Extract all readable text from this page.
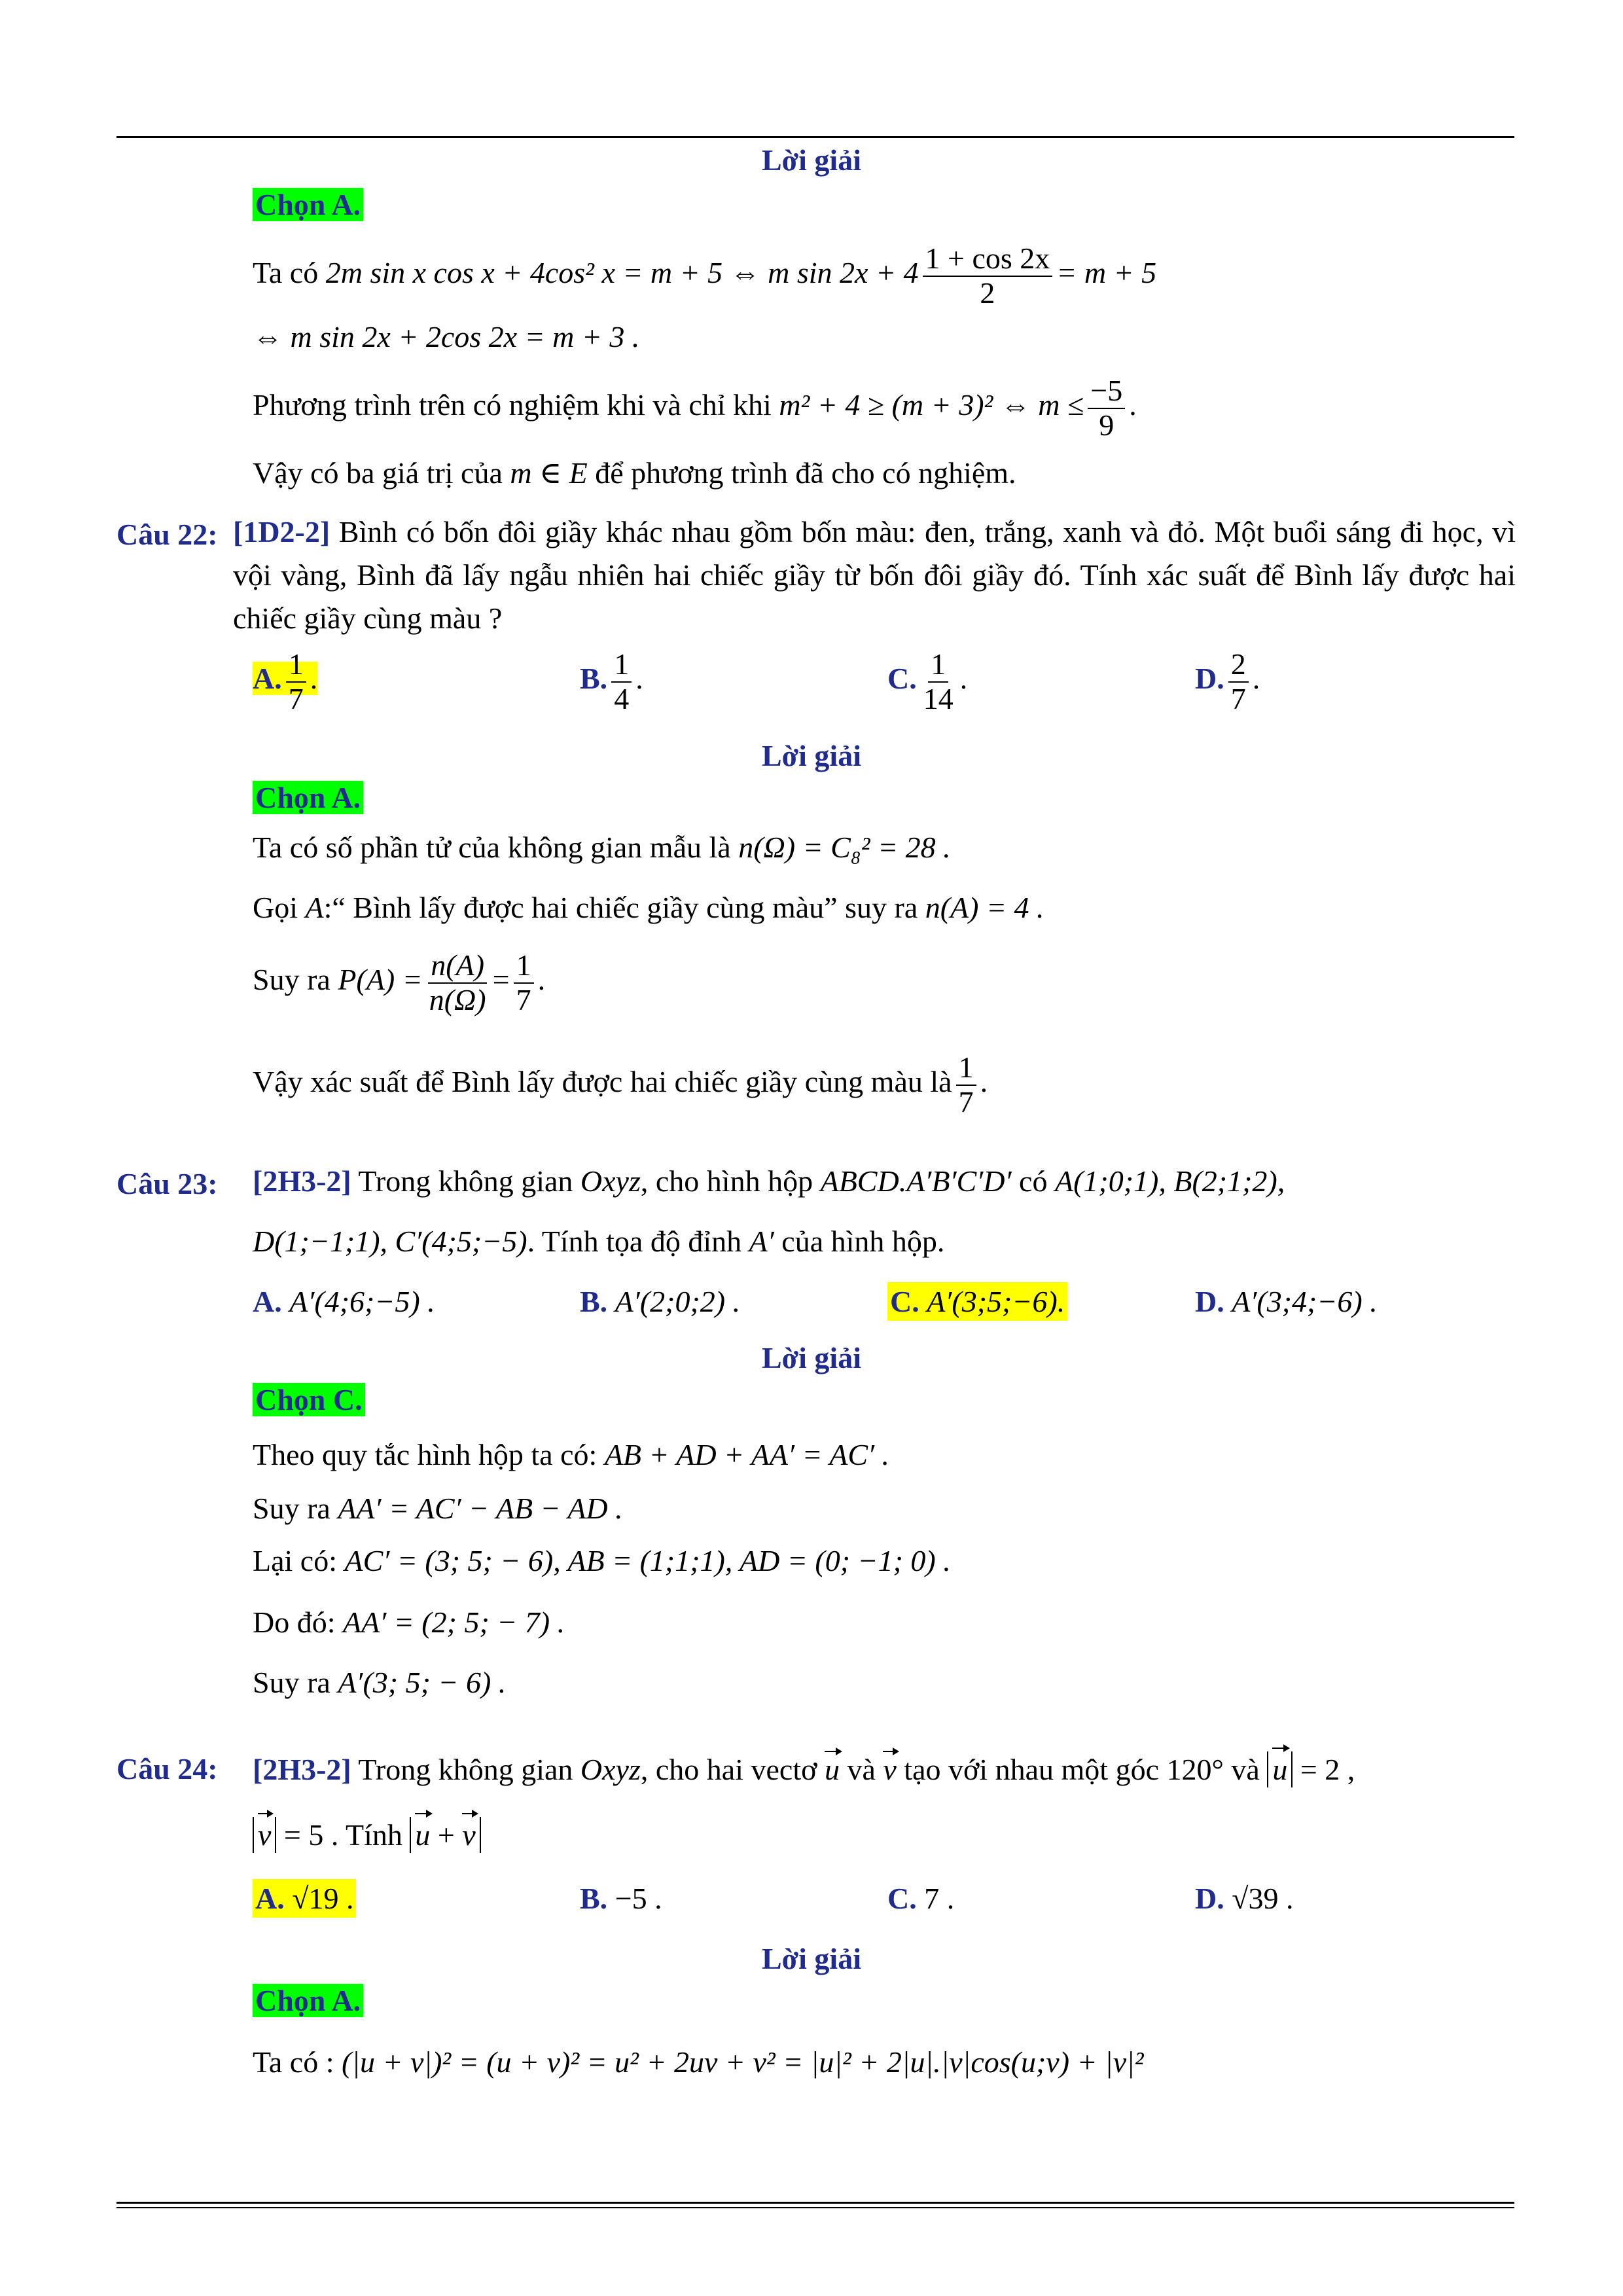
Lời giải
Chọn A.
Ta có 2m sin x cos x + 4cos² x = m + 5 ⇔ m $\sin 2x + 4 \frac{1 + \cos 2x}{2} = m + 5$
⇔ m sin 2x + 2cos 2x = m + 3 .
Phương trình trên có nghiệm khi và chỉ khi m² + 4 ≥ (m + 3)² ⇔ $m \le \frac{-5}{9}$ .
Vậy có ba giá trị của m ∈ E để phương trình đã cho có nghiệm.
Câu 22: [1D2-2] Bình có bốn đôi giầy khác nhau gồm bốn màu: đen, trắng, xanh và đỏ. Một buổi sáng đi học, vì vội vàng, Bình đã lấy ngẫu nhiên hai chiếc giầy từ bốn đôi giầy đó. Tính xác suất để Bình lấy được hai chiếc giầy cùng màu ?
A. $\frac{1}{7}$ .	B. $\frac{1}{4}$ .	C. $\frac{1}{14}$ .	D. $\frac{2}{7}$ .
Lời giải
Chọn A.
Ta có số phần tử của không gian mẫu là n(Ω) = C₈² = 28 .
Gọi A:“ Bình lấy được hai chiếc giầy cùng màu” suy ra n(A) = 4 .
Suy ra $P(A) = \frac{n(A)}{n(\Omega)} = \frac{1}{7}$ .
Vậy xác suất để Bình lấy được hai chiếc giầy cùng màu là $\frac{1}{7}$ .
Câu 23: [2H3-2] Trong không gian Oxyz, cho hình hộp ABCD.A′B′C′D′ có A(1;0;1), B(2;1;2),
D(1;−1;1), C′(4;5;−5). Tính tọa độ đỉnh A′ của hình hộp.
A. A′(4;6;−5) .	B. A′(2;0;2) .	C. A′(3;5;−6).	D. A′(3;4;−6) .
Lời giải
Chọn C.
Theo quy tắc hình hộp ta có: AB + AD + AA′ = AC′ .
Suy ra AA′ = AC′ − AB − AD .
Lại có: AC′ = (3; 5; − 6), AB = (1;1;1), AD = (0; −1; 0) .
Do đó: AA′ = (2; 5; − 7) .
Suy ra A′(3; 5; − 6) .
Câu 24: [2H3-2] Trong không gian Oxyz, cho hai vectơ u và v tạo với nhau một góc 120° và u = 2 ,
v = 5 . Tính u + v
A. √19 .	B. −5 .	C. 7 .	D. √39 .
Lời giải
Chọn A.
Ta có : (|u + v|)² = (u + v)² = u² + 2uv + v² = |u|² + 2|u|.|v|cos(u;v) + |v|²
